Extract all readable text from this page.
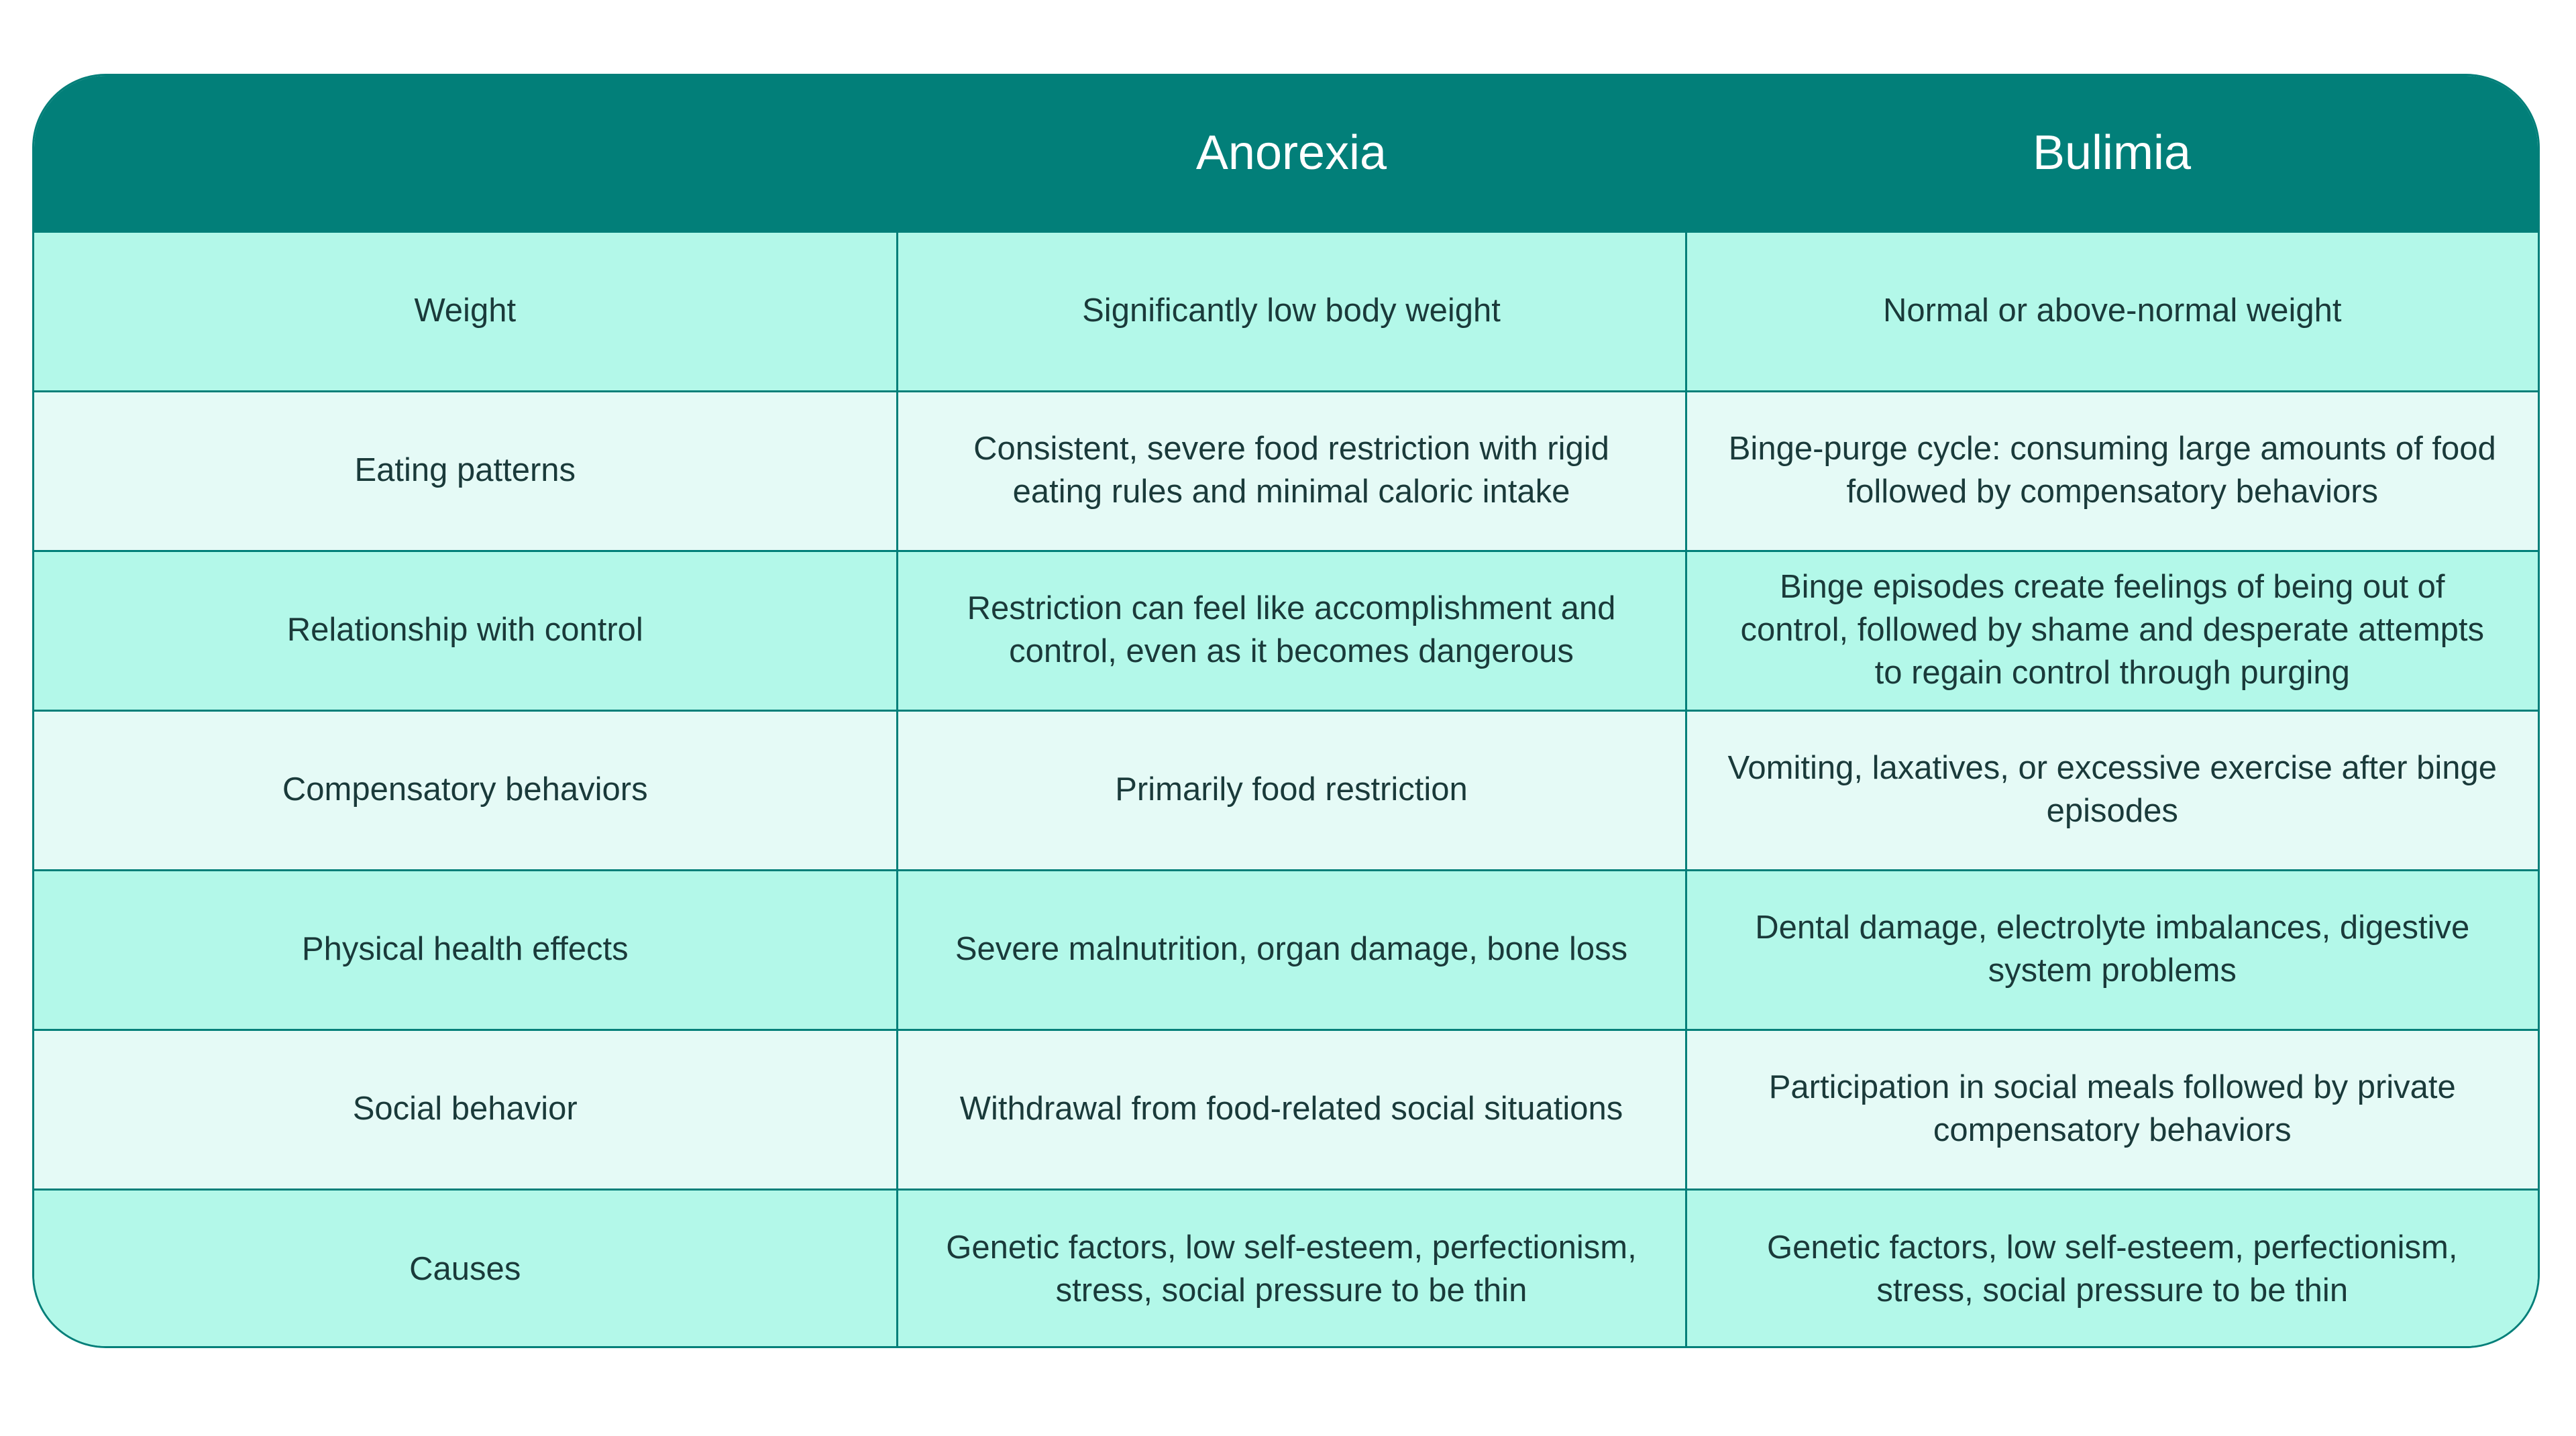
	Anorexia	Bulimia
Weight	Significantly low body weight	Normal or above-normal weight
Eating patterns	Consistent, severe food restriction with rigid eating rules and minimal caloric intake	Binge-purge cycle: consuming large amounts of food followed by compensatory behaviors
Relationship with control	Restriction can feel like accomplishment and control, even as it becomes dangerous	Binge episodes create feelings of being out of control, followed by shame and desperate attempts to regain control through purging
Compensatory behaviors	Primarily food restriction	Vomiting, laxatives, or excessive exercise after binge episodes
Physical health effects	Severe malnutrition, organ damage, bone loss	Dental damage, electrolyte imbalances, digestive system problems
Social behavior	Withdrawal from food-related social situations	Participation in social meals followed by private compensatory behaviors
Causes	Genetic factors, low self-esteem, perfectionism, stress, social pressure to be thin	Genetic factors, low self-esteem, perfectionism, stress, social pressure to be thin
